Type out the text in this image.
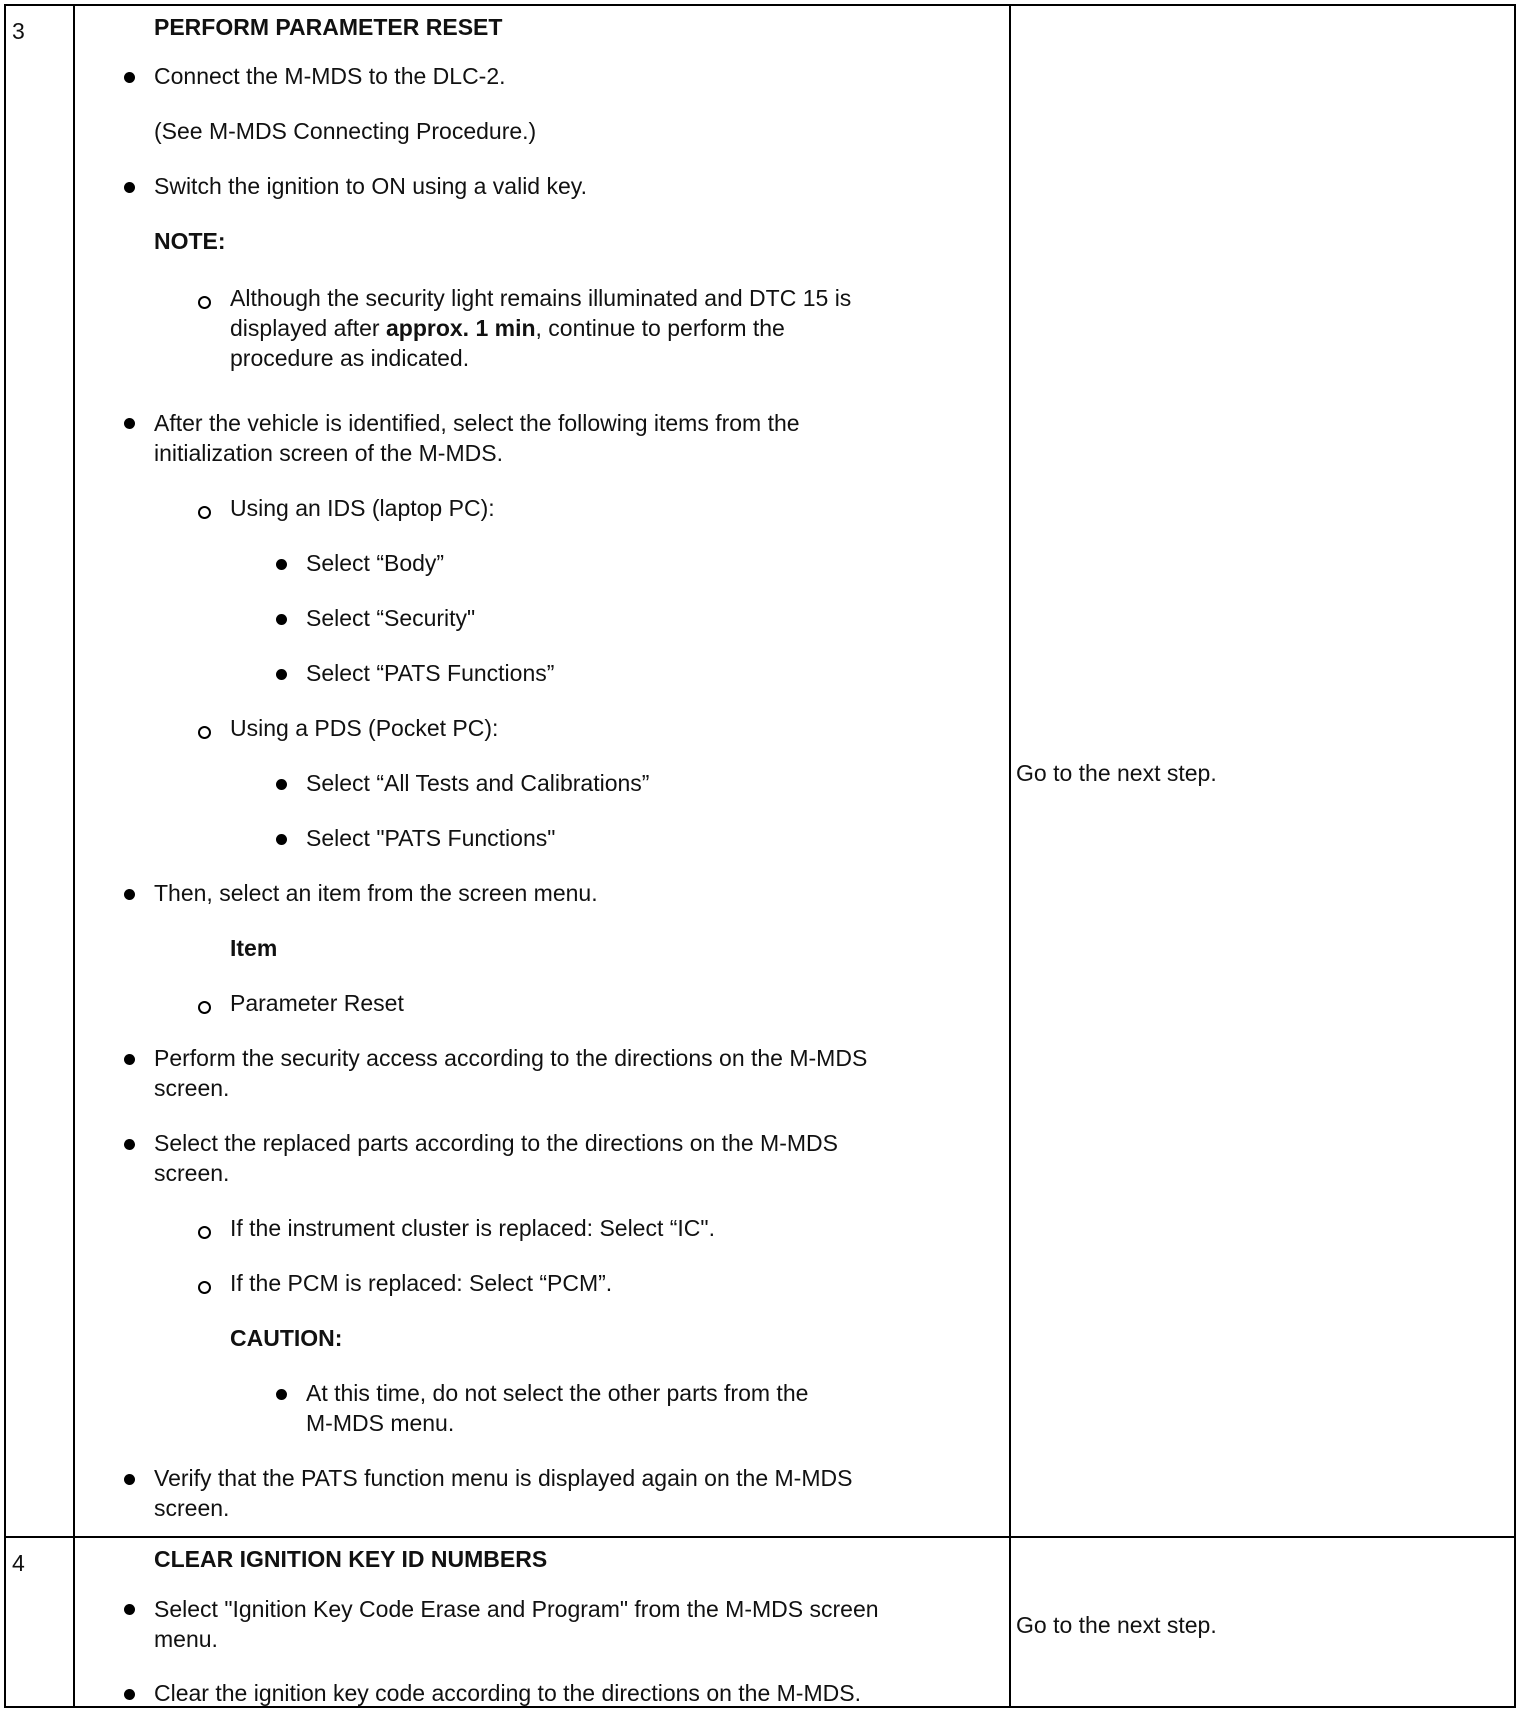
3	PERFORM PARAMETER RESET
Connect the M-MDS to the DLC-2.
(See M-MDS Connecting Procedure.)
Switch the ignition to ON using a valid key.
NOTE:
Although the security light remains illuminated and DTC 15 is
displayed after approx. 1 min, continue to perform the
procedure as indicated.
After the vehicle is identified, select the following items from the
initialization screen of the M-MDS.
Using an IDS (laptop PC):
Select “Body”
Select “Security"
Select “PATS Functions”
Using a PDS (Pocket PC):
Select “All Tests and Calibrations”
Select "PATS Functions"
Then, select an item from the screen menu.
Item
Parameter Reset
Perform the security access according to the directions on the M-MDS
screen.
Select the replaced parts according to the directions on the M-MDS
screen.
If the instrument cluster is replaced: Select “IC".
If the PCM is replaced: Select “PCM”.
CAUTION:
At this time, do not select the other parts from the
M-MDS menu.
Verify that the PATS function menu is displayed again on the M-MDS
screen.
Go to the next step.
4	CLEAR IGNITION KEY ID NUMBERS
Select "Ignition Key Code Erase and Program" from the M-MDS screen
menu.
Clear the ignition key code according to the directions on the M-MDS.
Go to the next step.
